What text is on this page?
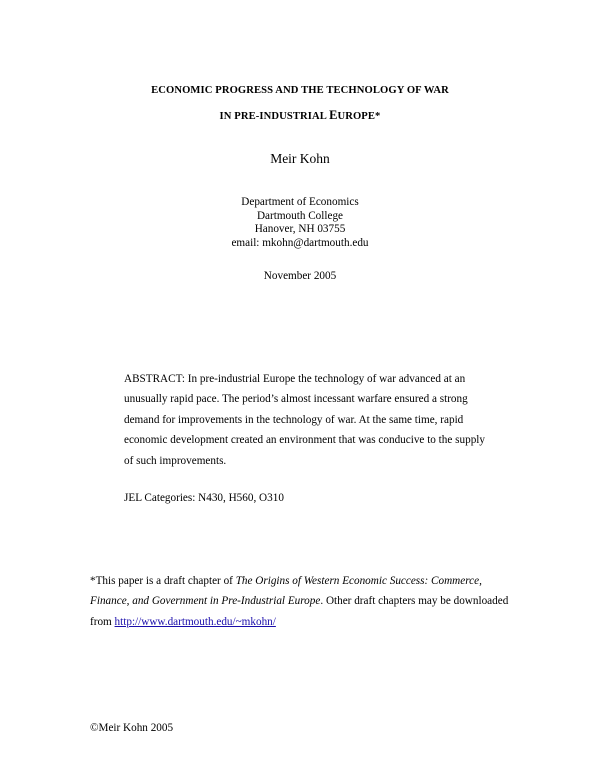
ECONOMIC PROGRESS AND THE TECHNOLOGY OF WAR
IN PRE-INDUSTRIAL EUROPE*
Meir Kohn
Department of Economics
Dartmouth College
Hanover, NH 03755
email: mkohn@dartmouth.edu
November 2005
ABSTRACT: In pre-industrial Europe the technology of war advanced at an unusually rapid pace. The period’s almost incessant warfare ensured a strong demand for improvements in the technology of war. At the same time, rapid economic development created an environment that was conducive to the supply of such improvements.
JEL Categories: N430, H560, O310
*This paper is a draft chapter of The Origins of Western Economic Success: Commerce, Finance, and Government in Pre-Industrial Europe. Other draft chapters may be downloaded from http://www.dartmouth.edu/~mkohn/
©Meir Kohn 2005
